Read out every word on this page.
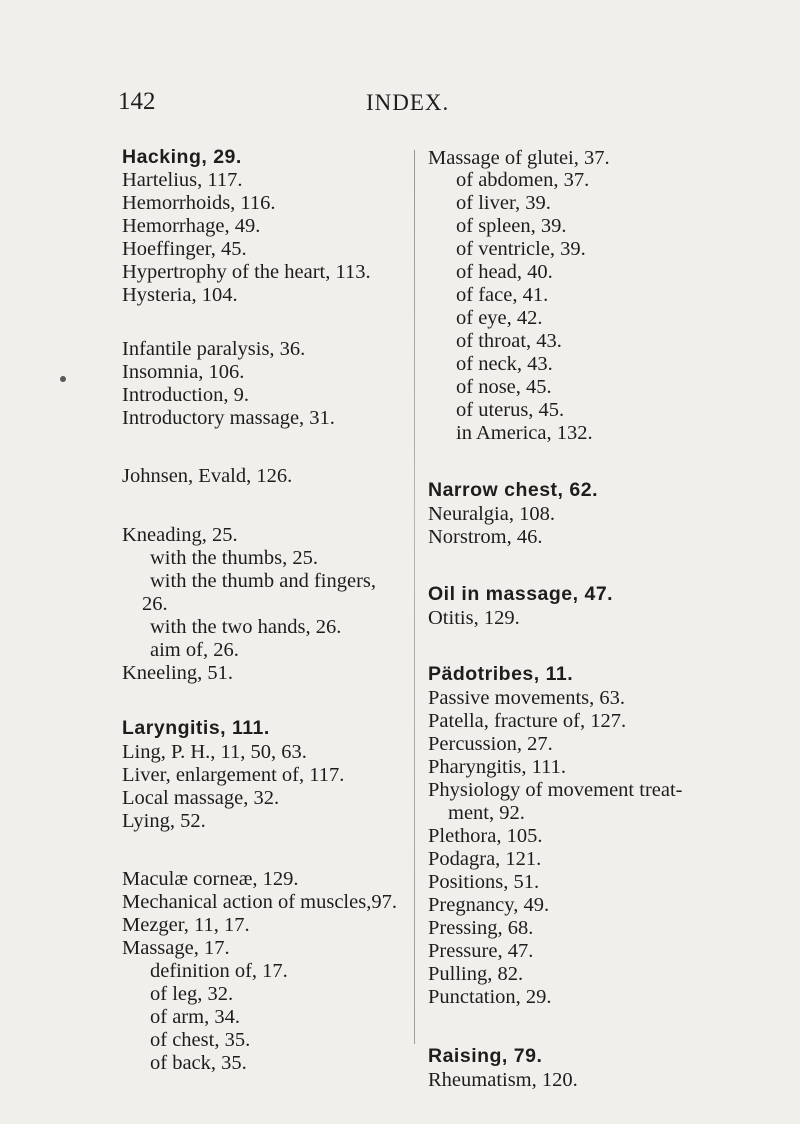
142	INDEX.
Hacking, 29.
Hartelius, 117.
Hemorrhoids, 116.
Hemorrhage, 49.
Hoeffinger, 45.
Hypertrophy of the heart, 113.
Hysteria, 104.
Infantile paralysis, 36.
Insomnia, 106.
Introduction, 9.
Introductory massage, 31.
Johnsen, Evald, 126.
Kneading, 25.
with the thumbs, 25.
with the thumb and fingers,
26.
with the two hands, 26.
aim of, 26.
Kneeling, 51.
Laryngitis, 111.
Ling, P. H., 11, 50, 63.
Liver, enlargement of, 117.
Local massage, 32.
Lying, 52.
Maculæ corneæ, 129.
Mechanical action of muscles,97.
Mezger, 11, 17.
Massage, 17.
definition of, 17.
of leg, 32.
of arm, 34.
of chest, 35.
of back, 35.
Massage of glutei, 37.
of abdomen, 37.
of liver, 39.
of spleen, 39.
of ventricle, 39.
of head, 40.
of face, 41.
of eye, 42.
of throat, 43.
of neck, 43.
of nose, 45.
of uterus, 45.
in America, 132.
Narrow chest, 62.
Neuralgia, 108.
Norstrom, 46.
Oil in massage, 47.
Otitis, 129.
Pädotribes, 11.
Passive movements, 63.
Patella, fracture of, 127.
Percussion, 27.
Pharyngitis, 111.
Physiology of movement treat-
ment, 92.
Plethora, 105.
Podagra, 121.
Positions, 51.
Pregnancy, 49.
Pressing, 68.
Pressure, 47.
Pulling, 82.
Punctation, 29.
Raising, 79.
Rheumatism, 120.
